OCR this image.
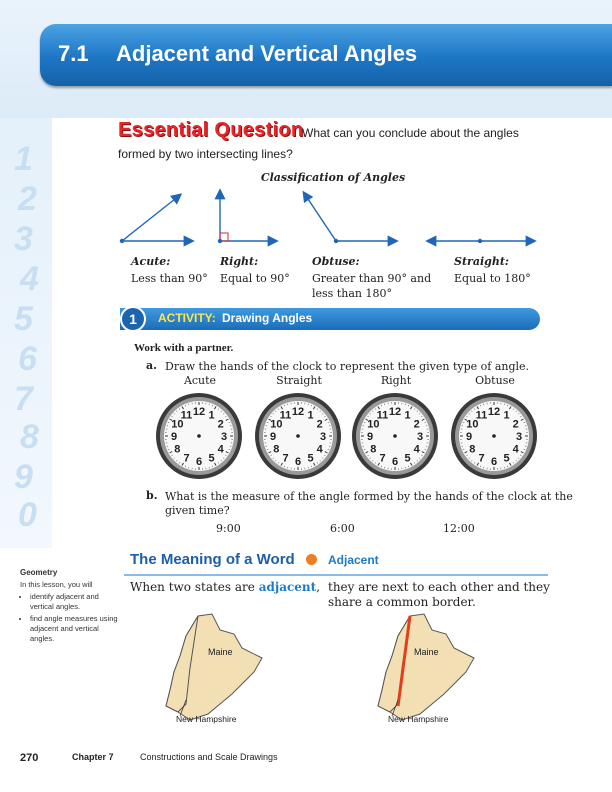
7.1 Adjacent and Vertical Angles
1
2
3
4
5
6
7
8
9
0
Essential Question
What can you conclude about the angles
formed by two intersecting lines?
Classification of Angles
Acute:
Less than 90°
Right:
Equal to 90°
Obtuse:
Greater than 90° and
less than 180°
Straight:
Equal to 180°
1	ACTIVITY: Drawing Angles
Work with a partner.
a. Draw the hands of the clock to represent the given type of angle.
Acute	Straight	Right	Obtuse
12 1
2
3
4
5
6
7
8
9
10
11	12 1
2
3
4
5
6
7
8
9
10
11	12 1
2
3
4
5
6
7
8
9
10
11	12 1
2
3
4
5
6
7
8
9
10
11
b. What is the measure of the angle formed by the hands of the clock at the
given time?
9:00	6:00	12:00
The Meaning of a Word	Adjacent
When two states are adjacent, they are next to each other and they
share a common border.
Maine
New Hampshire
Maine
New Hampshire
Geometry
In this lesson, you will
• identify adjacent and vertical angles.
• find angle measures using adjacent and vertical angles.
270	Chapter 7	Constructions and Scale Drawings
